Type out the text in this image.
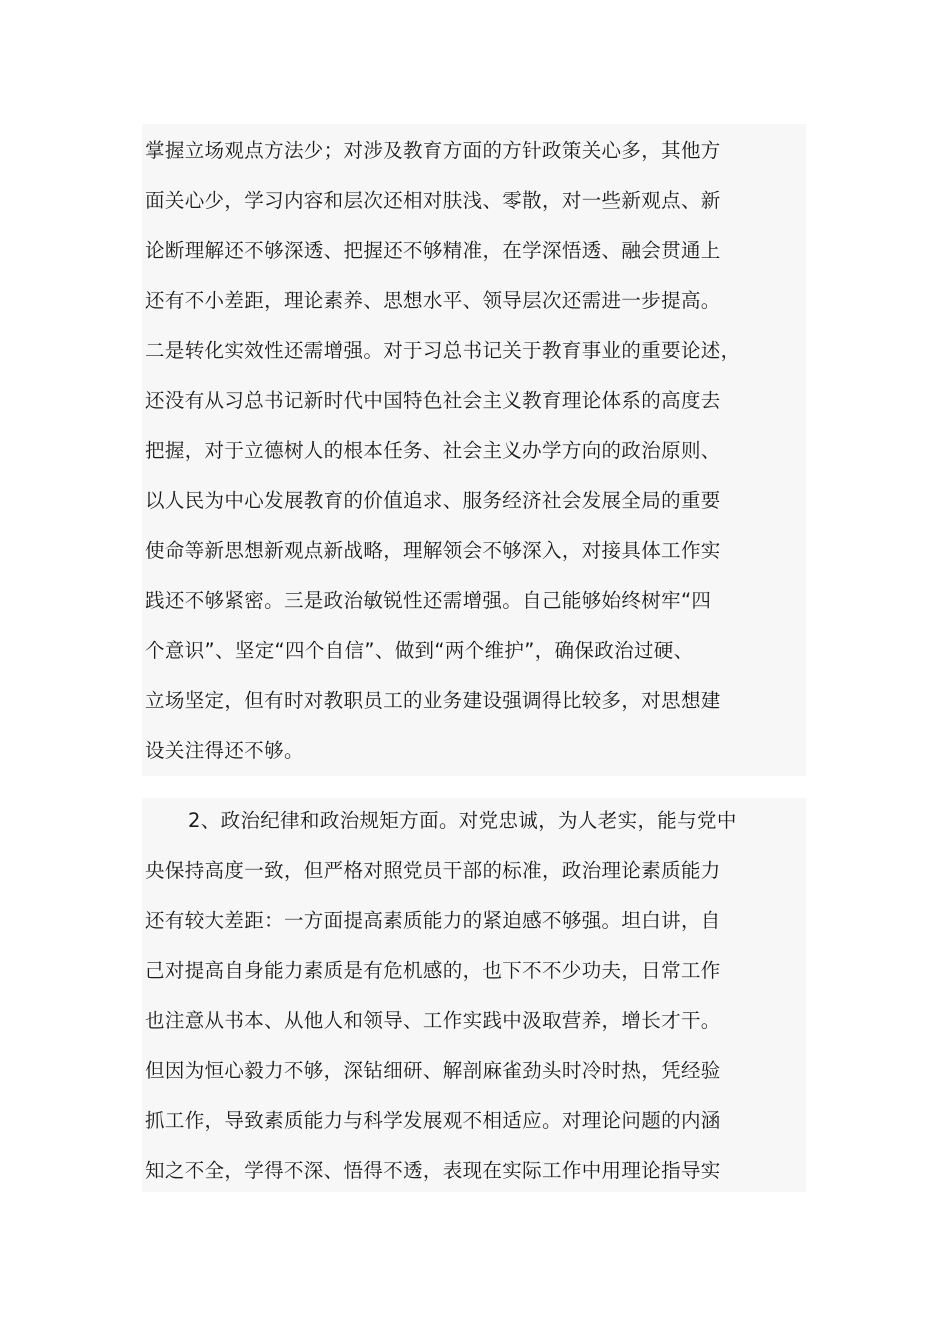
掌握立场观点方法少；对涉及教育方面的方针政策关心多，其他方
面关心少，学习内容和层次还相对肤浅、零散，对一些新观点、新
论断理解还不够深透、把握还不够精准，在学深悟透、融会贯通上
还有不小差距，理论素养、思想水平、领导层次还需进一步提高。
二是转化实效性还需增强。对于习总书记关于教育事业的重要论述，
还没有从习总书记新时代中国特色社会主义教育理论体系的高度去
把握，对于立德树人的根本任务、社会主义办学方向的政治原则、
以人民为中心发展教育的价值追求、服务经济社会发展全局的重要
使命等新思想新观点新战略，理解领会不够深入，对接具体工作实
践还不够紧密。三是政治敏锐性还需增强。自己能够始终树牢“四
个意识”、坚定“四个自信”、做到“两个维护”，确保政治过硬、
立场坚定，但有时对教职员工的业务建设强调得比较多，对思想建
设关注得还不够。
2、政治纪律和政治规矩方面。对党忠诚，为人老实，能与党中
央保持高度一致，但严格对照党员干部的标准，政治理论素质能力
还有较大差距：一方面提高素质能力的紧迫感不够强。坦白讲，自
己对提高自身能力素质是有危机感的，也下不不少功夫，日常工作
也注意从书本、从他人和领导、工作实践中汲取营养，增长才干。
但因为恒心毅力不够，深钻细研、解剖麻雀劲头时冷时热，凭经验
抓工作，导致素质能力与科学发展观不相适应。对理论问题的内涵
知之不全，学得不深、悟得不透，表现在实际工作中用理论指导实
